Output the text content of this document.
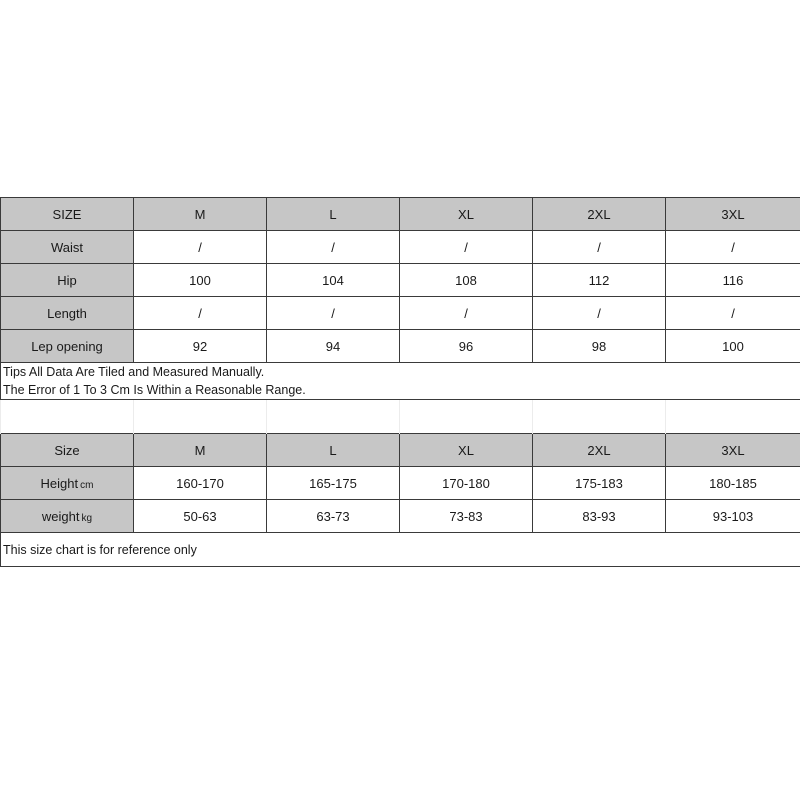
SIZE	M	L	XL	2XL	3XL
Waist	/	/	/	/	/
Hip	100	104	108	112	116
Length	/	/	/	/	/
Lep opening	92	94	96	98	100

Tips All Data Are Tiled and Measured Manually.
The Error of 1 To 3 Cm Is Within a Reasonable Range.					

Size	M	L	XL	2XL	3XL
Height cm	160-170	165-175	170-180	175-183	180-185
weight kg	50-63	63-73	73-83	83-93	93-103

This size chart is for reference only					
